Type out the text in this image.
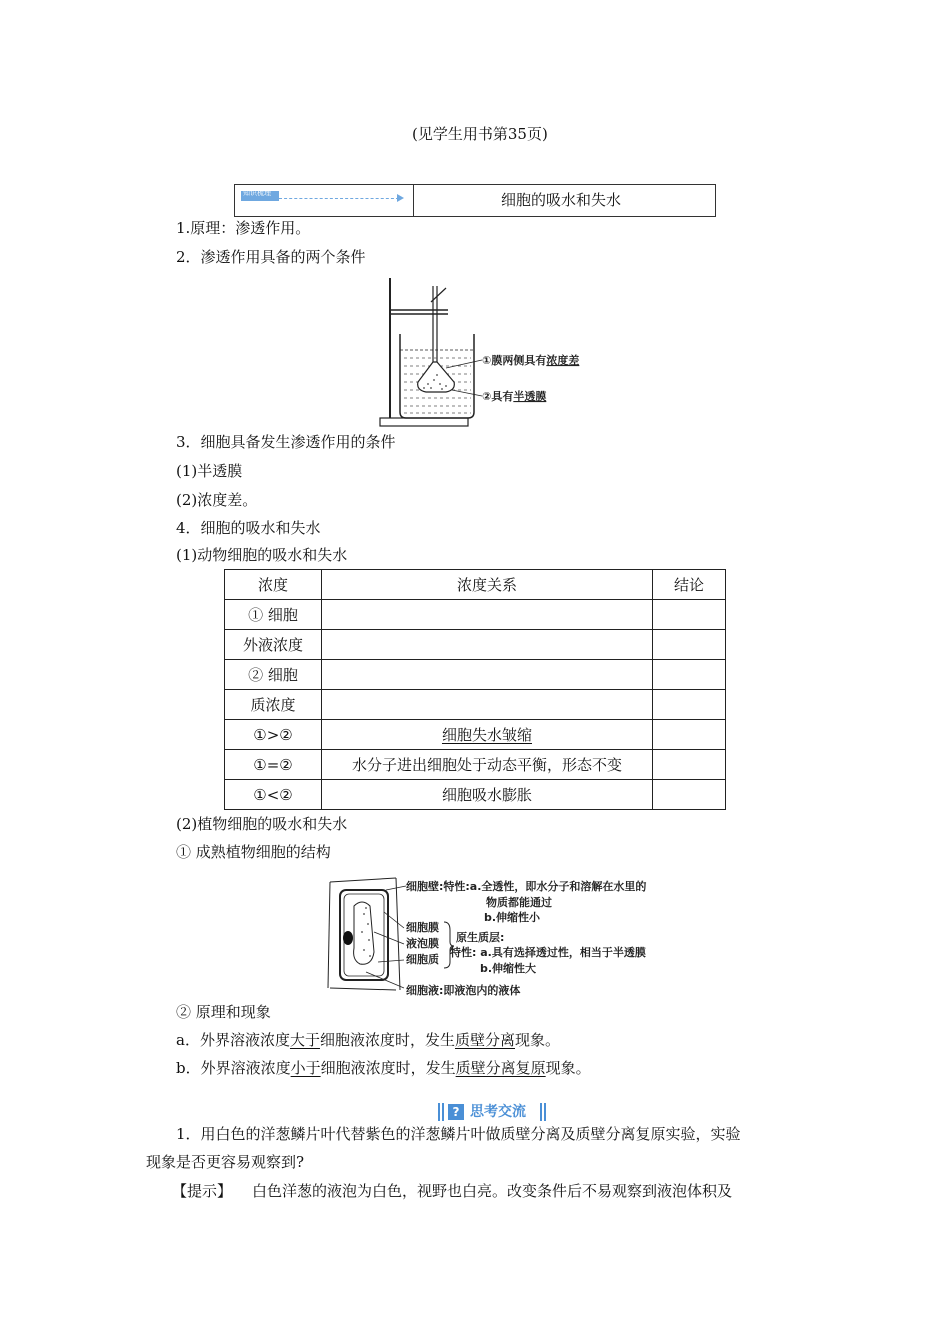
(见学生用书第35页)
知识梳理	细胞的吸水和失水
1.原理：渗透作用。
2．渗透作用具备的两个条件
①膜两侧具有浓度差
②具有半透膜
3．细胞具备发生渗透作用的条件
(1)半透膜
(2)浓度差。
4．细胞的吸水和失水
(1)动物细胞的吸水和失水
浓度	浓度关系	结论
① 细胞		
外液浓度		
② 细胞		
质浓度		
①>②	细胞失水皱缩	
①=②	水分子进出细胞处于动态平衡，形态不变	
①<②	细胞吸水膨胀	
(2)植物细胞的吸水和失水
① 成熟植物细胞的结构
细胞壁:特性:a.全透性，即水分子和溶解在水里的
物质都能通过
b.伸缩性小
细胞膜
液泡膜
细胞质
原生质层:
特性: a.具有选择透过性，相当于半透膜
b.伸缩性大
细胞液:即液泡内的液体
② 原理和现象
a．外界溶液浓度大于细胞液浓度时，发生质壁分离现象。
b．外界溶液浓度小于细胞液浓度时，发生质壁分离复原现象。
? 思考交流
1．用白色的洋葱鳞片叶代替紫色的洋葱鳞片叶做质壁分离及质壁分离复原实验，实验
现象是否更容易观察到?
【提示】 白色洋葱的液泡为白色，视野也白亮。改变条件后不易观察到液泡体积及
